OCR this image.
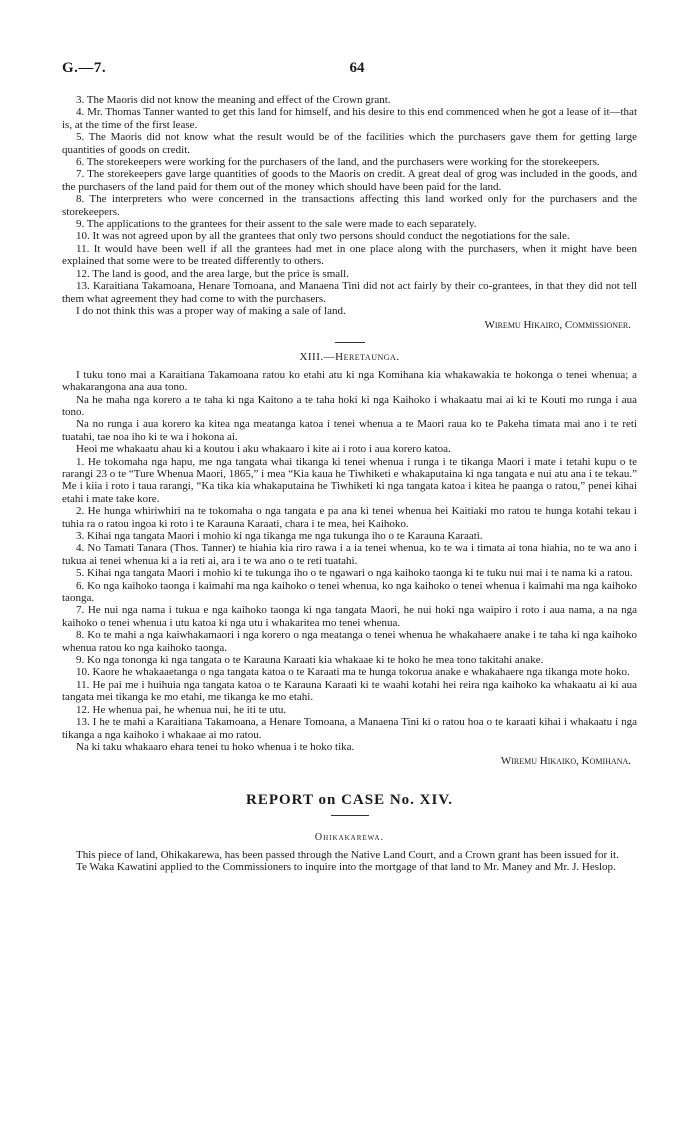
G.—7.	64

3. The Maoris did not know the meaning and effect of the Crown grant.

4. Mr. Thomas Tanner wanted to get this land for himself, and his desire to this end commenced when he got a lease of it—that is, at the time of the first lease.

5. The Maoris did not know what the result would be of the facilities which the purchasers gave them for getting large quantities of goods on credit.

6. The storekeepers were working for the purchasers of the land, and the purchasers were working for the storekeepers.

7. The storekeepers gave large quantities of goods to the Maoris on credit. A great deal of grog was included in the goods, and the purchasers of the land paid for them out of the money which should have been paid for the land.

8. The interpreters who were concerned in the transactions affecting this land worked only for the purchasers and the storekeepers.

9. The applications to the grantees for their assent to the sale were made to each separately.

10. It was not agreed upon by all the grantees that only two persons should conduct the negotiations for the sale.

11. It would have been well if all the grantees had met in one place along with the purchasers, when it might have been explained that some were to be treated differently to others.

12. The land is good, and the area large, but the price is small.

13. Karaitiana Takamoana, Henare Tomoana, and Manaena Tini did not act fairly by their co-grantees, in that they did not tell them what agreement they had come to with the purchasers.

I do not think this was a proper way of making a sale of land.

Wiremu Hikairo, Commissioner.

XIII.—Heretaunga.

I tuku tono mai a Karaitiana Takamoana ratou ko etahi atu ki nga Komihana kia whakawakia te hokonga o tenei whenua; a whakarangona ana aua tono.

Na he maha nga korero a te taha ki nga Kaitono a te taha hoki ki nga Kaihoko i whakaatu mai ai ki te Kouti mo runga i aua tono.

Na no runga i aua korero ka kitea nga meatanga katoa i tenei whenua a te Maori raua ko te Pakeha timata mai ano i te reti tuatahi, tae noa iho ki te wa i hokona ai.

Heoi me whakaatu ahau ki a koutou i aku whakaaro i kite ai i roto i aua korero katoa.

1. He tokomaha nga hapu, me nga tangata whai tikanga ki tenei whenua i runga i te tikanga Maori i mate i tetahi kupu o te rarangi 23 o te “Ture Whenua Maori, 1865,” i mea “Kia kaua he Tiwhiketi e whakaputaina ki nga tangata e nui atu ana i te tekau.” Me i kiia i roto i taua rarangi, “Ka tika kia whakaputaina he Tiwhiketi ki nga tangata katoa i kitea he paanga o ratou,” penei kihai etahi i mate take kore.

2. He hunga whiriwhiri na te tokomaha o nga tangata e pa ana ki tenei whenua hei Kaitiaki mo ratou te hunga kotahi tekau i tuhia ra o ratou ingoa ki roto i te Karauna Karaati, chara i te mea, hei Kaihoko.

3. Kihai nga tangata Maori i mohio ki nga tikanga me nga tukunga iho o te Karauna Karaati.

4. No Tamati Tanara (Thos. Tanner) te hiahia kia riro rawa i a ia tenei whenua, ko te wa i timata ai tona hiahia, no te wa ano i tukua ai tenei whenua ki a ia reti ai, ara i te wa ano o te reti tuatahi.

5. Kihai nga tangata Maori i mohio ki te tukunga iho o te ngawari o nga kaihoko taonga ki te tuku nui mai i te nama ki a ratou.

6. Ko nga kaihoko taonga i kaimahi ma nga kaihoko o tenei whenua, ko nga kaihoko o tenei whenua i kaimahi ma nga kaihoko taonga.

7. He nui nga nama i tukua e nga kaihoko taonga ki nga tangata Maori, he nui hoki nga waipiro i roto i aua nama, a na nga kaihoko o tenei whenua i utu katoa ki nga utu i whakaritea mo tenei whenua.

8. Ko te mahi a nga kaiwhakamaori i nga korero o nga meatanga o tenei whenua he whakahaere anake i te taha ki nga kaihoko whenua ratou ko nga kaihoko taonga.

9. Ko nga tononga ki nga tangata o te Karauna Karaati kia whakaae ki te hoko he mea tono takitahi anake.

10. Kaore he whakaaetanga o nga tangata katoa o te Karaati ma te hunga tokorua anake e whakahaere nga tikanga mote hoko.

11. He pai me i huihuia nga tangata katoa o te Karauna Karaati ki te waahi kotahi hei reira nga kaihoko ka whakaatu ai ki aua tangata mei tikanga ke mo etahi, me tikanga ke mo etahi.

12. He whenua pai, he whenua nui, he iti te utu.

13. I he te mahi a Karaitiana Takamoana, a Henare Tomoana, a Manaena Tini ki o ratou hoa o te karaati kihai i whakaatu i nga tikanga a nga kaihoko i whakaae ai mo ratou.

Na ki taku whakaaro ehara tenei tu hoko whenua i te hoko tika.

Wiremu Hikaiko, Komihana.

REPORT on CASE No. XIV.
Ohikakarewa.

This piece of land, Ohikakarewa, has been passed through the Native Land Court, and a Crown grant has been issued for it.

Te Waka Kawatini applied to the Commissioners to inquire into the mortgage of that land to Mr. Maney and Mr. J. Heslop.
